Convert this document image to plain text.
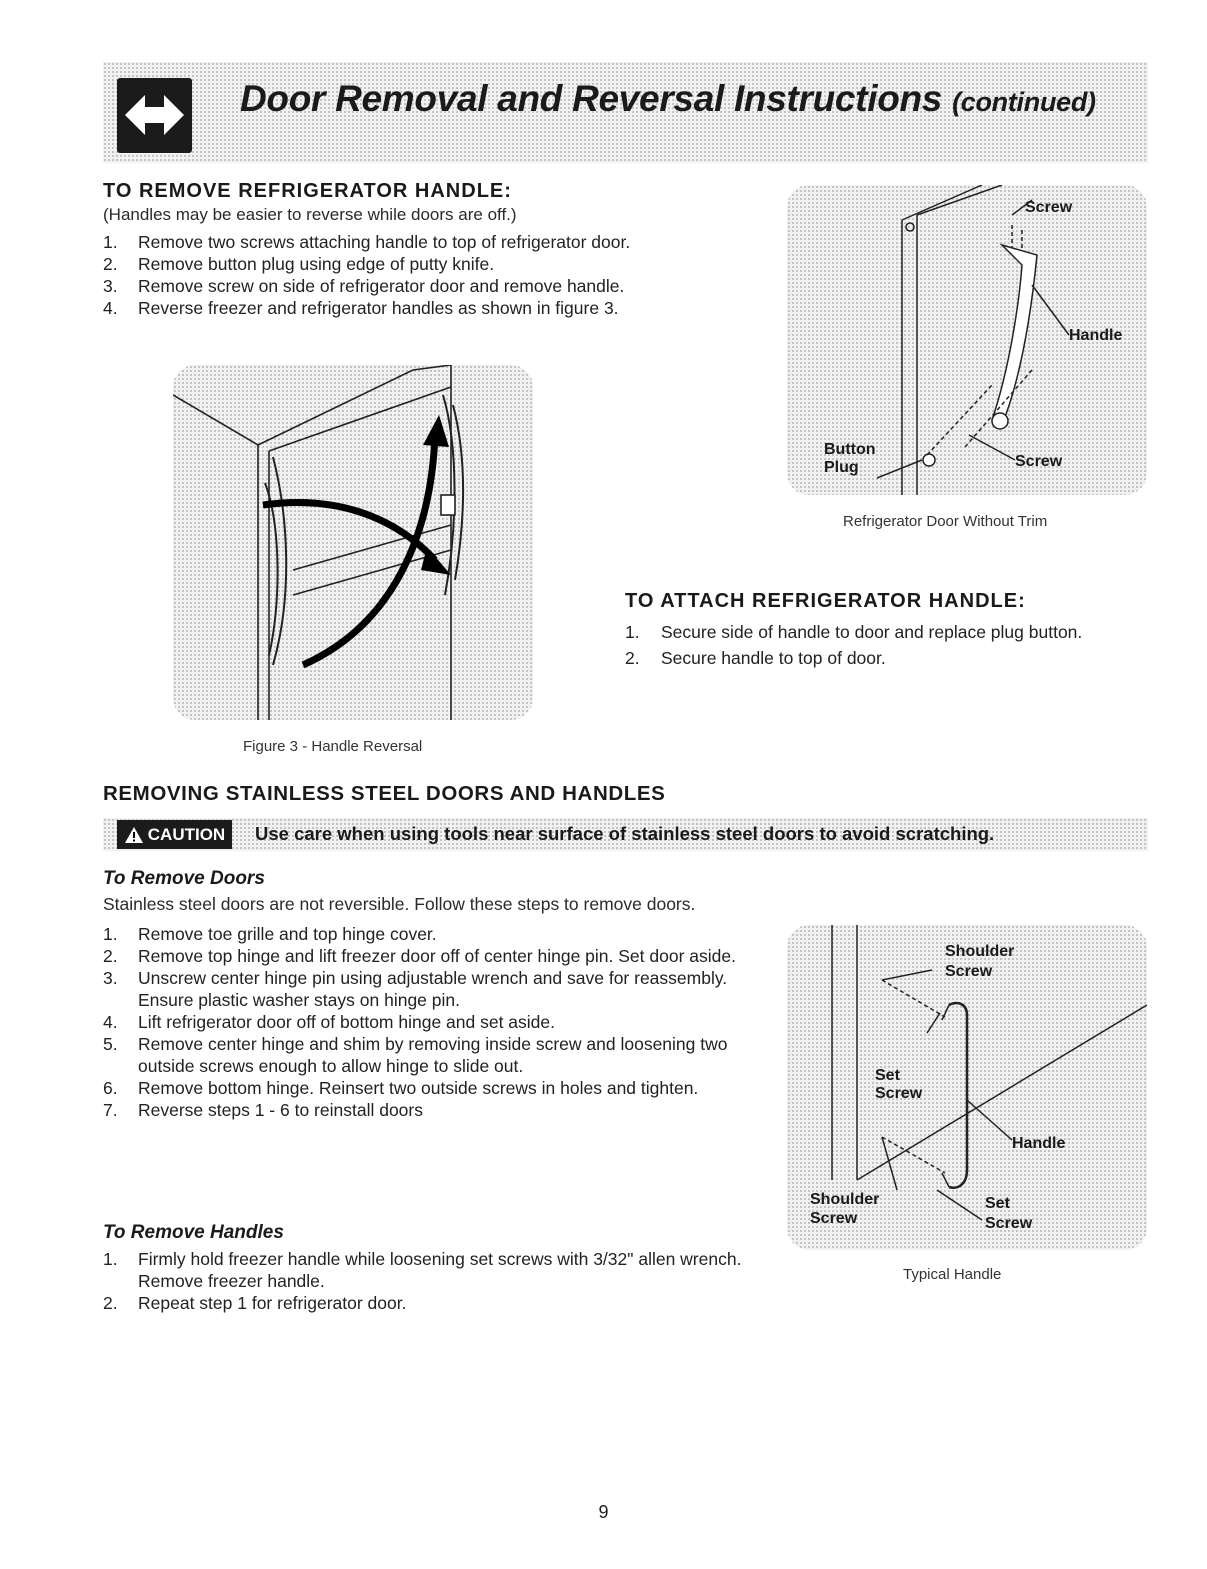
Door Removal and Reversal Instructions (continued)
TO REMOVE REFRIGERATOR HANDLE:
(Handles may be easier to reverse while doors are off.)
1. Remove two screws attaching handle to top of refrigerator door.
2. Remove button plug using edge of putty knife.
3. Remove screw on side of refrigerator door and remove handle.
4. Reverse freezer and refrigerator handles as shown in figure 3.
Figure 3 - Handle Reversal
Screw
Handle
Button
Plug	Screw
Refrigerator Door Without Trim
TO ATTACH REFRIGERATOR HANDLE:
1. Secure side of handle to door and replace plug button.
2. Secure handle to top of door.
REMOVING STAINLESS STEEL DOORS AND HANDLES
CAUTION Use care when using tools near surface of stainless steel doors to avoid scratching.
To Remove Doors
Stainless steel doors are not reversible. Follow these steps to remove doors.
1. Remove toe grille and top hinge cover.
2. Remove top hinge and lift freezer door off of center hinge pin. Set door aside.
3. Unscrew center hinge pin using adjustable wrench and save for reassembly. Ensure plastic washer stays on hinge pin.
4. Lift refrigerator door off of bottom hinge and set aside.
5. Remove center hinge and shim by removing inside screw and loosening two outside screws enough to allow hinge to slide out.
6. Remove bottom hinge. Reinsert two outside screws in holes and tighten.
7. Reverse steps 1 - 6 to reinstall doors
To Remove Handles
1. Firmly hold freezer handle while loosening set screws with 3/32" allen wrench. Remove freezer handle.
2. Repeat step 1 for refrigerator door.
Shoulder
Screw
Set
Screw
Handle
Shoulder
Screw
Set
Screw
Typical Handle
9
